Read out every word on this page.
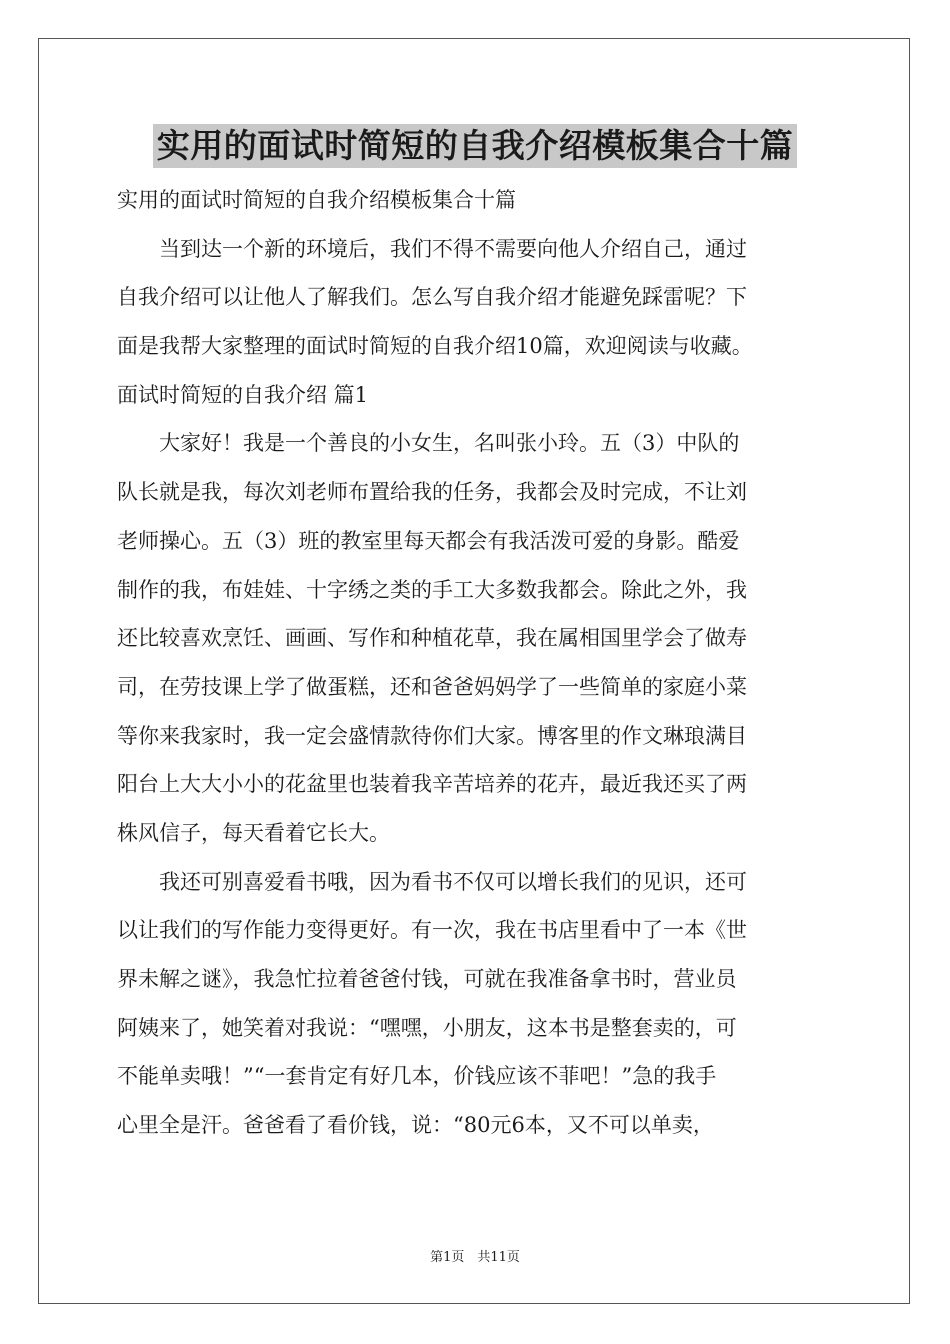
实用的面试时简短的自我介绍模板集合十篇
实用的面试时简短的自我介绍模板集合十篇
　　当到达一个新的环境后，我们不得不需要向他人介绍自己，通过
自我介绍可以让他人了解我们。怎么写自我介绍才能避免踩雷呢？下
面是我帮大家整理的面试时简短的自我介绍10篇，欢迎阅读与收藏。
面试时简短的自我介绍 篇1
　　大家好！我是一个善良的小女生，名叫张小玲。五（3）中队的
队长就是我，每次刘老师布置给我的任务，我都会及时完成，不让刘
老师操心。五（3）班的教室里每天都会有我活泼可爱的身影。酷爱
制作的我，布娃娃、十字绣之类的手工大多数我都会。除此之外，我
还比较喜欢烹饪、画画、写作和种植花草，我在属相国里学会了做寿
司，在劳技课上学了做蛋糕，还和爸爸妈妈学了一些简单的家庭小菜
等你来我家时，我一定会盛情款待你们大家。博客里的作文琳琅满目
阳台上大大小小的花盆里也装着我辛苦培养的花卉，最近我还买了两
株风信子，每天看着它长大。
　　我还可别喜爱看书哦，因为看书不仅可以增长我们的见识，还可
以让我们的写作能力变得更好。有一次，我在书店里看中了一本《世
界未解之谜》，我急忙拉着爸爸付钱，可就在我准备拿书时，营业员
阿姨来了，她笑着对我说：“嘿嘿，小朋友，这本书是整套卖的，可
不能单卖哦！”“一套肯定有好几本，价钱应该不菲吧！”急的我手
心里全是汗。爸爸看了看价钱，说：“80元6本，又不可以单卖，
第1页　共11页
